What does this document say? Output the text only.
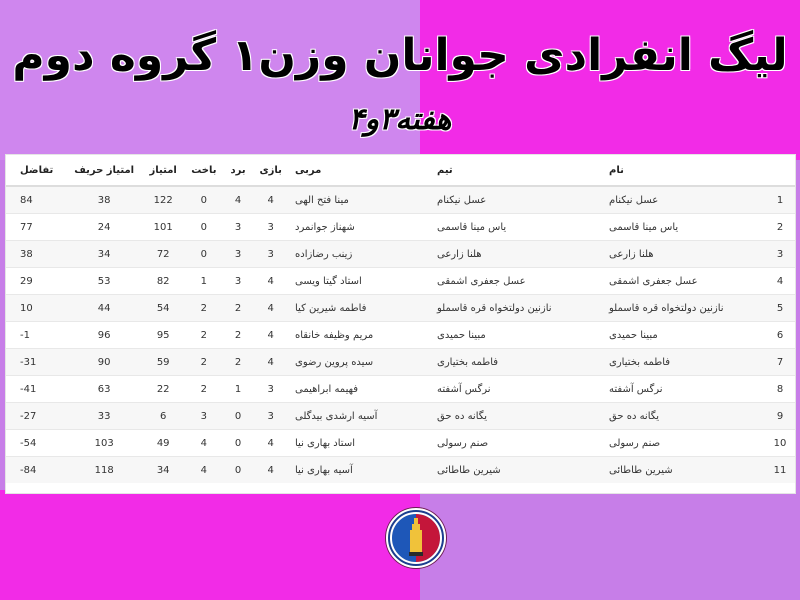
لیگ انفرادی جوانان وزن۱ گروه دوم
هفته۳و۴
	نام	تیم	مربی	بازی	برد	باخت	امتیاز	امتیاز حریف	تفاضل
1	عسل نیکنام	عسل نیکنام	مینا فتح الهی	4	4	0	122	38	84
2	یاس مینا قاسمی	یاس مینا قاسمی	شهناز جوانمرد	3	3	0	101	24	77
3	هلنا زارعی	هلنا زارعی	زینب رضازاده	3	3	0	72	34	38
4	عسل جعفری اشمقی	عسل جعفری اشمقی	استاد گیتا ویسی	4	3	1	82	53	29
5	نازنین دولتخواه قره قاسملو	نازنین دولتخواه قره قاسملو	فاطمه شیرین کیا	4	2	2	54	44	10
6	مبینا حمیدی	مبینا حمیدی	مریم وظیفه خانقاه	4	2	2	95	96	1-
7	فاطمه بختیاری	فاطمه بختیاری	سیده پروین رضوی	4	2	2	59	90	31-
8	نرگس آشفته	نرگس آشفته	فهیمه ابراهیمی	3	1	2	22	63	41-
9	یگانه ده حق	یگانه ده حق	آسیه ارشدی بیدگلی	3	0	3	6	33	27-
10	صنم رسولی	صنم رسولی	استاد بهاری نیا	4	0	4	49	103	54-
11	شیرین طاطائی	شیرین طاطائی	آسیه بهاری نیا	4	0	4	34	118	84-
